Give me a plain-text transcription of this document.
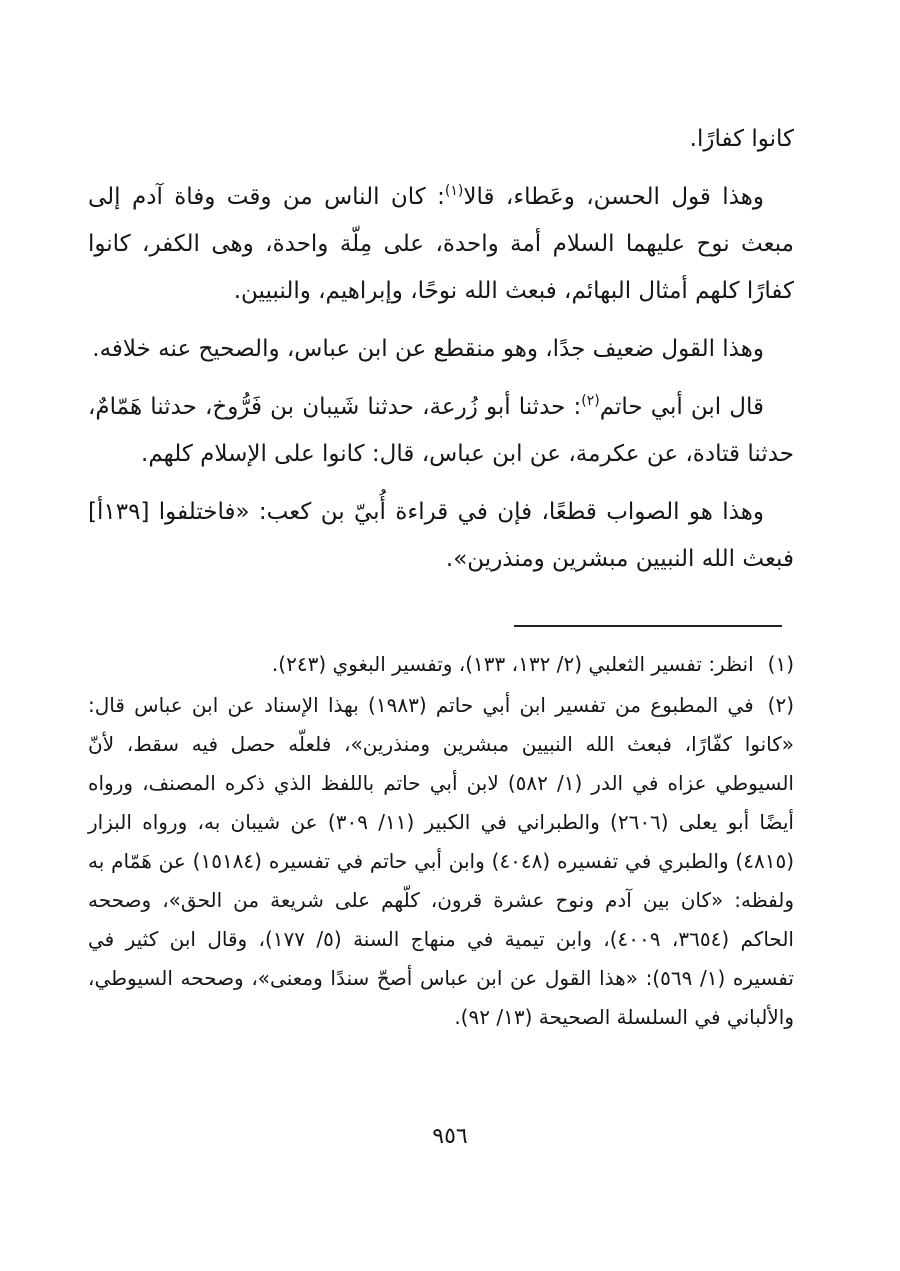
كانوا كفارًا.

وهذا قول الحسن، وعَطاء، قالا$^{(١)}$: كان الناس من وقت وفاة آدم إلى مبعث نوح عليهما السلام أمة واحدة، على مِلّة واحدة، وهى الكفر، كانوا كفارًا كلهم أمثال البهائم، فبعث الله نوحًا، وإبراهيم، والنبيين.

وهذا القول ضعيف جدًا، وهو منقطع عن ابن عباس، والصحيح عنه خلافه.

قال ابن أبي حاتم$^{(٢)}$: حدثنا أبو زُرعة، حدثنا شَيبان بن فَرُّوخ، حدثنا هَمّامٌ، حدثنا قتادة، عن عكرمة، عن ابن عباس، قال: كانوا على الإسلام كلهم.

وهذا هو الصواب قطعًا، فإن في قراءة أُبيّ بن كعب: «فاختلفوا [١٣٩أ] فبعث الله النبيين مبشرين ومنذرين».

(١)انظر: تفسير الثعلبي (٢/ ١٣٢، ١٣٣)، وتفسير البغوي (٢٤٣).
(٢)في المطبوع من تفسير ابن أبي حاتم (١٩٨٣) بهذا الإسناد عن ابن عباس قال: «كانوا كفّارًا، فبعث الله النبيين مبشرين ومنذرين»، فلعلّه حصل فيه سقط، لأنّ السيوطي عزاه في الدر (١/ ٥٨٢) لابن أبي حاتم باللفظ الذي ذكره المصنف، ورواه أيضًا أبو يعلى (٢٦٠٦) والطبراني في الكبير (١١/ ٣٠٩) عن شيبان به، ورواه البزار (٤٨١٥) والطبري في تفسيره (٤٠٤٨) وابن أبي حاتم في تفسيره (١٥١٨٤) عن هَمّام به ولفظه: «كان بين آدم ونوح عشرة قرون، كلّهم على شريعة من الحق»، وصححه الحاكم (٣٦٥٤، ٤٠٠٩)، وابن تيمية في منهاج السنة (٥/ ١٧٧)، وقال ابن كثير في تفسيره (١/ ٥٦٩): «هذا القول عن ابن عباس أصحّ سندًا ومعنى»، وصححه السيوطي، والألباني في السلسلة الصحيحة (١٣/ ٩٢).
٩٥٦
